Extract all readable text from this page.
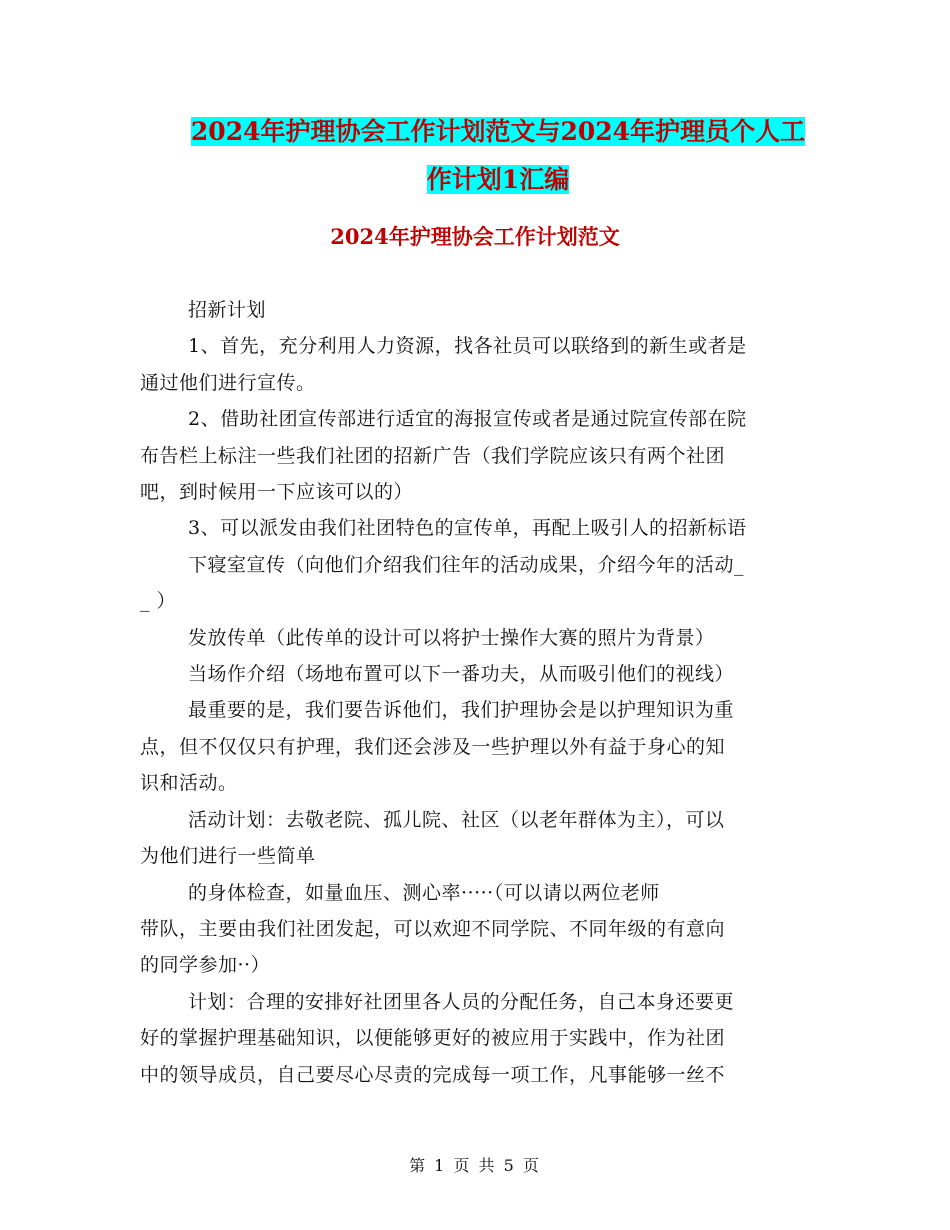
2024年护理协会工作计划范文与2024年护理员个人工
作计划1汇编
2024年护理协会工作计划范文
招新计划
1、首先，充分利用人力资源，找各社员可以联络到的新生或者是
通过他们进行宣传。
2、借助社团宣传部进行适宜的海报宣传或者是通过院宣传部在院
布告栏上标注一些我们社团的招新广告（我们学院应该只有两个社团
吧，到时候用一下应该可以的）
3、可以派发由我们社团特色的宣传单，再配上吸引人的招新标语
下寝室宣传（向他们介绍我们往年的活动成果，介绍今年的活动_
_ ）
发放传单（此传单的设计可以将护士操作大赛的照片为背景）
当场作介绍（场地布置可以下一番功夫，从而吸引他们的视线）
最重要的是，我们要告诉他们，我们护理协会是以护理知识为重
点，但不仅仅只有护理，我们还会涉及一些护理以外有益于身心的知
识和活动。
活动计划：去敬老院、孤儿院、社区（以老年群体为主），可以
为他们进行一些简单
的身体检查，如量血压、测心率·····（可以请以两位老师
带队，主要由我们社团发起，可以欢迎不同学院、不同年级的有意向
的同学参加··）
计划：合理的安排好社团里各人员的分配任务，自己本身还要更
好的掌握护理基础知识，以便能够更好的被应用于实践中，作为社团
中的领导成员，自己要尽心尽责的完成每一项工作，凡事能够一丝不
第 1 页 共 5 页
